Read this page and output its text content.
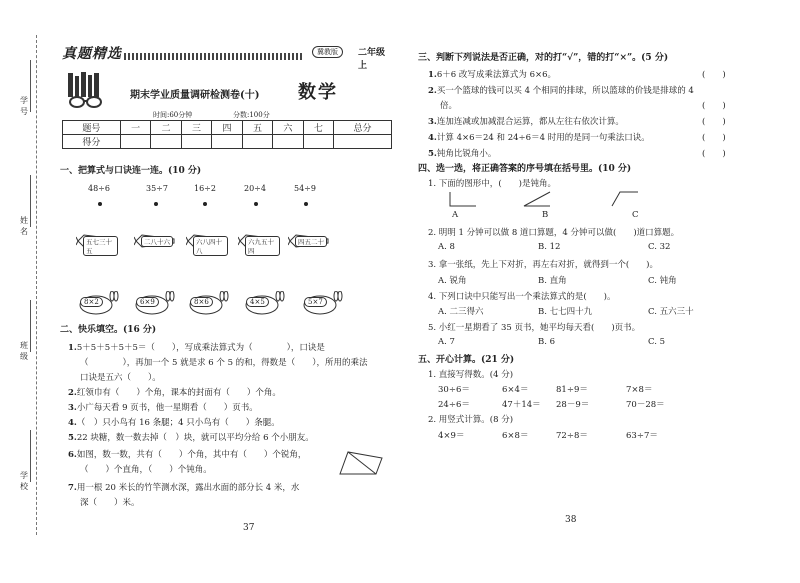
学号
姓名
班级
学校
真题精选	冀教版	二年级上
期末学业质量调研检测卷(十) 数学
时间:60分钟	分数:100分
题号	一	二	三	四	五	六	七	总分
得分								
一、把算式与口诀连一连。(10 分)
48÷6	35÷7	16÷2	20÷4	54÷9
五七三十五
二八十六	六八四十八
六九五十四
四五二十
8×2	6×9	8×6	4×5	5×7
二、快乐填空。(16 分)
1.5＋5＋5＋5＋5＝（　　），写成乘法算式为（　　　　），口诀是
（　　　　），再加一个 5 就是求 6 个 5 的和，得数是（　　），所用的乘法
口诀是五六（　　）。
2.红领巾有（　　）个角，课本的封面有（　　）个角。
3.小广每天看 9 页书，他一星期看（　　）页书。
4.（　）只小鸟有 16 条腿；4 只小鸟有（　　）条腿。
5.22 块糖，数一数去掉（　）块，就可以平均分给 6 个小朋友。
6.如图，数一数，共有（　　）个角，其中有（　　）个锐角，
（　　）个直角，（　　）个钝角。
7.用一根 20 米长的竹竿测水深，露出水面的部分长 4 米，水
深（　　）米。
37
三、判断下列说法是否正确，对的打“√”，错的打“×”。(5 分)
1.6＋6 改写成乘法算式为 6×6。	(　　)
2.买一个篮球的钱可以买 4 个相同的排球，所以篮球的价钱是排球的 4
倍。	(　　)
3.连加连减或加减混合运算，都从左往右依次计算。	(　　)
4.计算 4×6＝24 和 24÷6＝4 时用的是同一句乘法口诀。	(　　)
5.钝角比锐角小。	(　　)
四、选一选，将正确答案的序号填在括号里。(10 分)
1. 下面的图形中，(　　)是钝角。
A	B	C
2. 明明 1 分钟可以做 8 道口算题，4 分钟可以做(　　)道口算题。
A. 8	B. 12	C. 32
3. 拿一张纸，先上下对折，再左右对折，就得到一个(　　)。
A. 锐角	B. 直角	C. 钝角
4. 下列口诀中只能写出一个乘法算式的是(　　)。
A. 二三得六	B. 七七四十九	C. 五六三十
5. 小红一星期看了 35 页书，她平均每天看(　　)页书。
A. 7	B. 6	C. 5
五、开心计算。(21 分)
1. 直接写得数。(4 分)
30÷6＝	6×4＝	81÷9＝	7×8＝
24÷6＝	47＋14＝ 28－9＝	70－28＝
2. 用竖式计算。(8 分)
4×9＝	6×8＝	72÷8＝	63÷7＝
38
